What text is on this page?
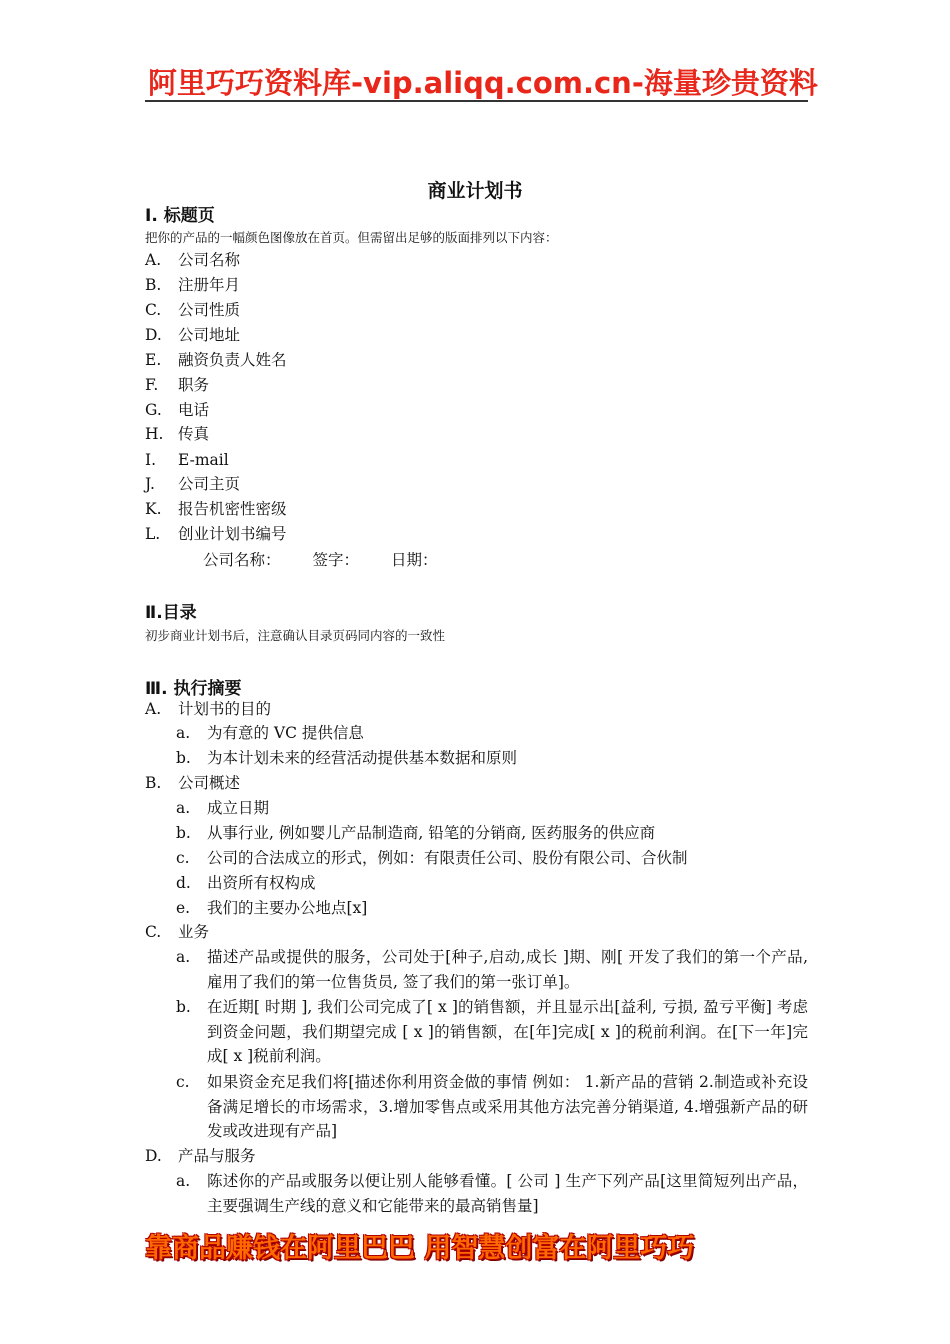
阿里巧巧资料库-vip.aliqq.com.cn-海量珍贵资料
商业计划书
Ⅰ. 标题页
把你的产品的一幅颜色图像放在首页。但需留出足够的版面排列以下内容：
A. 公司名称
B. 注册年月
C. 公司性质
D. 公司地址
E. 融资负责人姓名
F. 职务
G. 电话
H. 传真
I. E-mail
J. 公司主页
K. 报告机密性密级
L. 创业计划书编号
公司名称： 签字： 日期：
Ⅱ.目录
初步商业计划书后，注意确认目录页码同内容的一致性
Ⅲ. 执行摘要
A. 计划书的目的
a.	为有意的 VC 提供信息
b.	为本计划未来的经营活动提供基本数据和原则
B. 公司概述
a.	成立日期
b.	从事行业, 例如婴儿产品制造商, 铅笔的分销商, 医药服务的供应商
c.	公司的合法成立的形式，例如：有限责任公司、股份有限公司、合伙制
d.	出资所有权构成
e.	我们的主要办公地点[x]
C. 业务
a.	描述产品或提供的服务，公司处于[种子,启动,成长 ]期、刚[ 开发了我们的第一个产品, 雇用了我们的第一位售货员, 签了我们的第一张订单]。
b.	在近期[ 时期 ], 我们公司完成了[ x ]的销售额，并且显示出[益利, 亏损, 盈亏平衡] 考虑到资金问题，我们期望完成 [ x ]的销售额，在[年]完成[ x ]的税前利润。在[下一年]完成[ x ]税前利润。
c.	如果资金充足我们将[描述你利用资金做的事情 例如： 1.新产品的营销 2.制造或补充设备满足增长的市场需求，3.增加零售点或采用其他方法完善分销渠道, 4.增强新产品的研发或改进现有产品]
D. 产品与服务
a.	陈述你的产品或服务以便让别人能够看懂。[ 公司 ] 生产下列产品[这里简短列出产品，主要强调生产线的意义和它能带来的最高销售量]
靠商品赚钱在阿里巴巴 用智慧创富在阿里巧巧
